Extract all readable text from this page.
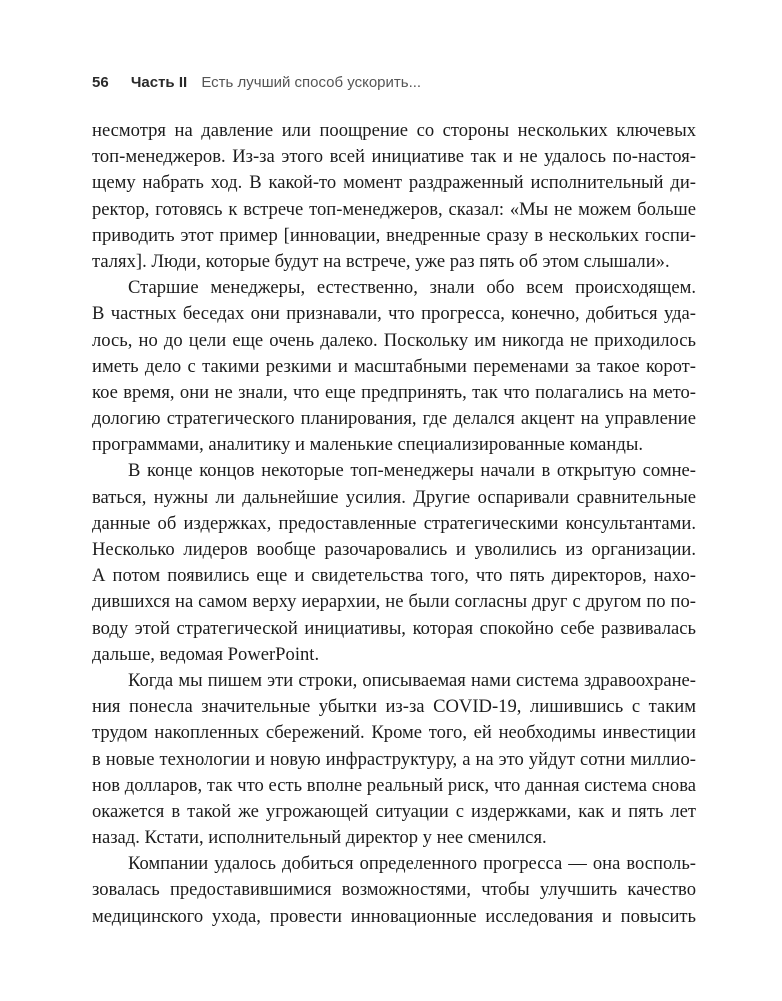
56 Часть II Есть лучший способ ускорить...
несмотря на давление или поощрение со стороны нескольких ключевых
топ-менеджеров. Из-за этого всей инициативе так и не удалось по-настоя-
щему набрать ход. В какой-то момент раздраженный исполнительный ди-
ректор, готовясь к встрече топ-менеджеров, сказал: «Мы не можем больше
приводить этот пример [инновации, внедренные сразу в нескольких госпи-
талях]. Люди, которые будут на встрече, уже раз пять об этом слышали».
Старшие менеджеры, естественно, знали обо всем происходящем.
В частных беседах они признавали, что прогресса, конечно, добиться уда-
лось, но до цели еще очень далеко. Поскольку им никогда не приходилось
иметь дело с такими резкими и масштабными переменами за такое корот-
кое время, они не знали, что еще предпринять, так что полагались на мето-
дологию стратегического планирования, где делался акцент на управление
программами, аналитику и маленькие специализированные команды.
В конце концов некоторые топ-менеджеры начали в открытую сомне-
ваться, нужны ли дальнейшие усилия. Другие оспаривали сравнительные
данные об издержках, предоставленные стратегическими консультантами.
Несколько лидеров вообще разочаровались и уволились из организации.
А потом появились еще и свидетельства того, что пять директоров, нахо-
дившихся на самом верху иерархии, не были согласны друг с другом по по-
воду этой стратегической инициативы, которая спокойно себе развивалась
дальше, ведомая PowerPoint.
Когда мы пишем эти строки, описываемая нами система здравоохране-
ния понесла значительные убытки из-за COVID-19, лишившись с таким
трудом накопленных сбережений. Кроме того, ей необходимы инвестиции
в новые технологии и новую инфраструктуру, а на это уйдут сотни миллио-
нов долларов, так что есть вполне реальный риск, что данная система снова
окажется в такой же угрожающей ситуации с издержками, как и пять лет
назад. Кстати, исполнительный директор у нее сменился.
Компании удалось добиться определенного прогресса — она восполь-
зовалась предоставившимися возможностями, чтобы улучшить качество
медицинского ухода, провести инновационные исследования и повысить
